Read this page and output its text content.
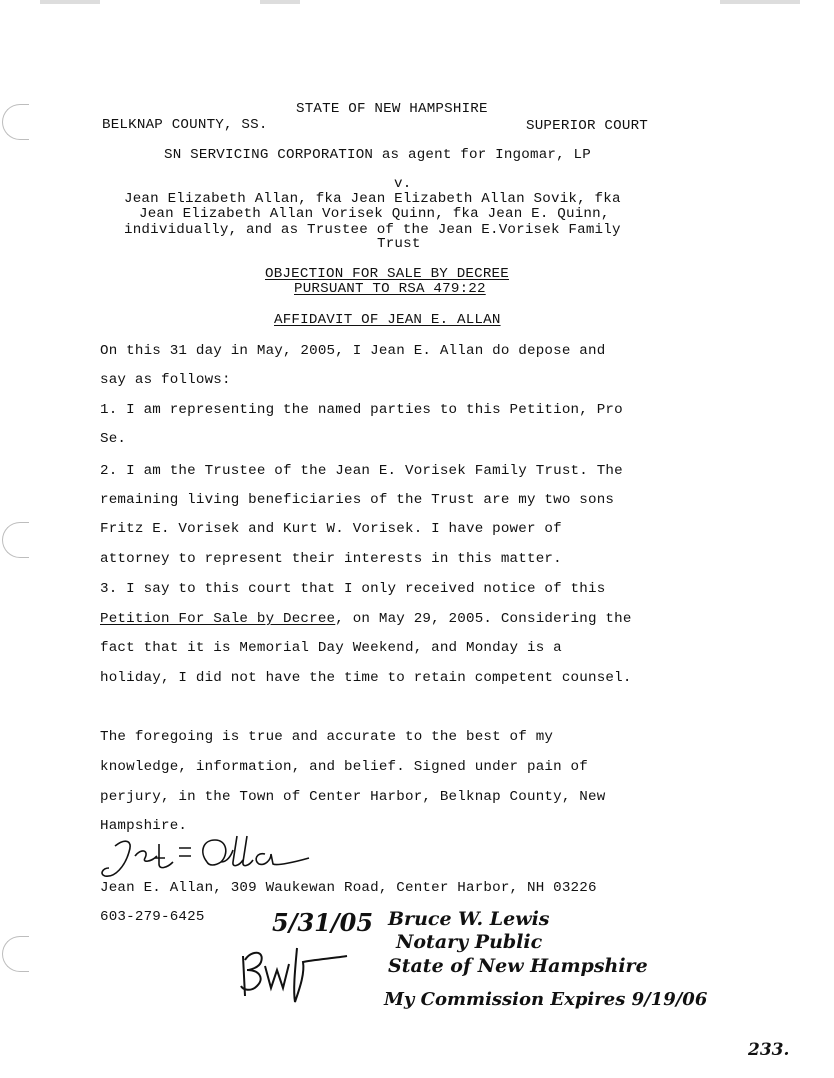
STATE OF NEW HAMPSHIRE
BELKNAP COUNTY, SS.	SUPERIOR COURT
SN SERVICING CORPORATION as agent for Ingomar, LP
v.
Jean Elizabeth Allan, fka Jean Elizabeth Allan Sovik, fka
Jean Elizabeth Allan Vorisek Quinn, fka Jean E. Quinn,
individually, and as Trustee of the Jean E.Vorisek Family
Trust
OBJECTION FOR SALE BY DECREE
PURSUANT TO RSA 479:22
AFFIDAVIT OF JEAN E. ALLAN
On this 31 day in May, 2005, I Jean E. Allan do depose and
say as follows:
1. I am representing the named parties to this Petition, Pro
Se.
2. I am the Trustee of the Jean E. Vorisek Family Trust. The
remaining living beneficiaries of the Trust are my two sons
Fritz E. Vorisek and Kurt W. Vorisek. I have power of
attorney to represent their interests in this matter.
3. I say to this court that I only received notice of this
Petition For Sale by Decree, on May 29, 2005. Considering the
fact that it is Memorial Day Weekend, and Monday is a
holiday, I did not have the time to retain competent counsel.
The foregoing is true and accurate to the best of my
knowledge, information, and belief. Signed under pain of
perjury, in the Town of Center Harbor, Belknap County, New
Hampshire.
Jean E. Allan, 309 Waukewan Road, Center Harbor, NH 03226
603-279-6425	5/31/05 Bruce W. Lewis
Notary Public
State of New Hampshire
My Commission Expires 9/19/06
233.
